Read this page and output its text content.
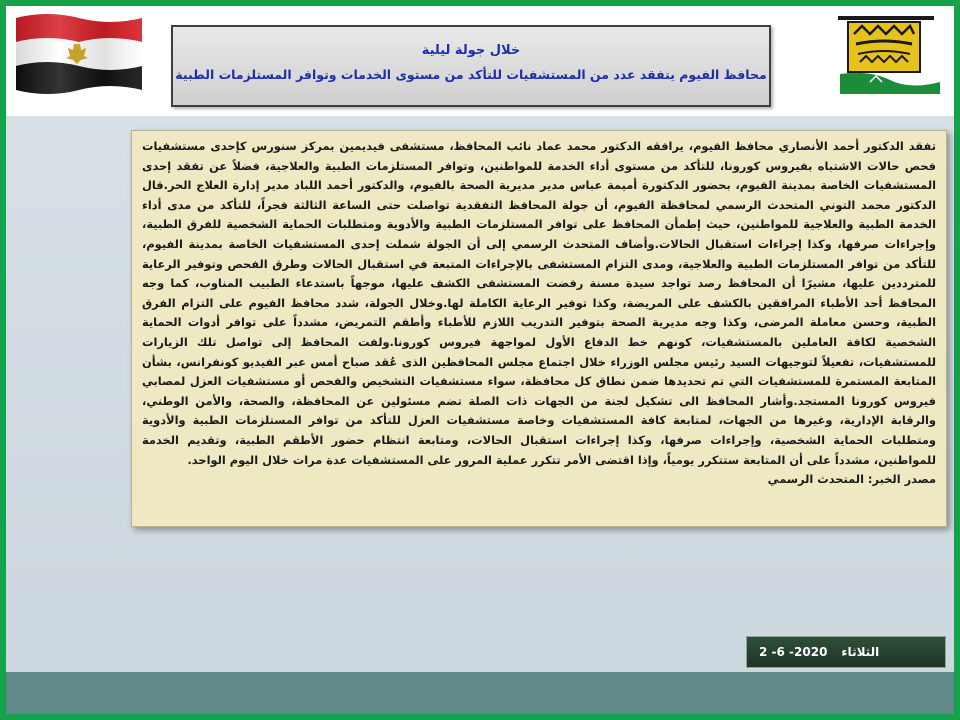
خلال جولة ليلية
محافظ الفيوم يتفقد عدد من المستشفيات للتأكد من مستوى الخدمات وتوافر المستلزمات الطبية

تفقد الدكتور أحمد الأنصاري محافظ الفيوم، يرافقه الدكتور محمد عماد نائب المحافظ، مستشفى فيديمين بمركز سنورس كإحدى مستشفيات فحص حالات الاشتباه بفيروس كورونا، للتأكد من مستوى أداء الخدمة للمواطنين، وتوافر المستلزمات الطبية والعلاجية، فضلاً عن تفقد إحدى المستشفيات الخاصة بمدينة الفيوم، بحضور الدكتورة أميمة عباس مدير مديرية الصحة بالفيوم، والدكتور أحمد اللباد مدير إدارة العلاج الحر.قال الدكتور محمد التوني المتحدث الرسمي لمحافظة الفيوم، أن جولة المحافظ التفقدية تواصلت حتى الساعة الثالثة فجراً، للتأكد من مدى أداء الخدمة الطبية والعلاجية للمواطنين، حيث إطمأن المحافظ على توافر المستلزمات الطبية والأدوية ومتطلبات الحماية الشخصية للفرق الطبية، وإجراءات صرفها، وكذا إجراءات استقبال الحالات.وأضاف المتحدث الرسمي إلى أن الجولة شملت إحدى المستشفيات الخاصة بمدينة الفيوم، للتأكد من توافر المستلزمات الطبية والعلاجية، ومدى التزام المستشفى بالإجراءات المتبعة في استقبال الحالات وطرق الفحص وتوفير الرعاية للمترددين عليها، مشيرًا أن المحافظ رصد تواجد سيدة مسنة رفضت المستشفى الكشف عليها، موجهاً باستدعاء الطبيب المناوب، كما وجه المحافظ أحد الأطباء المرافقين بالكشف على المريضة، وكذا توفير الرعاية الكاملة لها.وخلال الجولة، شدد محافظ الفيوم على التزام الفرق الطبية، وحسن معاملة المرضى، وكذا وجه مديرية الصحة بتوفير التدريب اللازم للأطباء وأطقم التمريض، مشدداً على توافر أدوات الحماية الشخصية لكافة العاملين بالمستشفيات، كونهم خط الدفاع الأول لمواجهة فيروس كورونا.ولفت المحافظ إلى تواصل تلك الزيارات للمستشفيات، تفعيلاً لتوجيهات السيد رئيس مجلس الوزراء خلال اجتماع مجلس المحافظين الذى عُقد صباح أمس عبر الفيديو كونفرانس، بشأن المتابعة المستمرة للمستشفيات التي تم تحديدها ضمن نطاق كل محافظة، سواء مستشفيات التشخيص والفحص أو مستشفيات العزل لمصابي فيروس كورونا المستجد.وأشار المحافظ الى تشكيل لجنة من الجهات ذات الصلة تضم مسئولين عن المحافظة، والصحة، والأمن الوطني، والرقابة الإدارية، وغيرها من الجهات، لمتابعة كافة المستشفيات وخاصة مستشفيات العزل للتأكد من توافر المستلزمات الطبية والأدوية ومتطلبات الحماية الشخصية، وإجراءات صرفها، وكذا إجراءات استقبال الحالات، ومتابعة انتظام حضور الأطقم الطبية، وتقديم الخدمة للمواطنين، مشدداً على أن المتابعة ستتكرر يومياً، وإذا اقتضى الأمر تتكرر عملية المرور على المستشفيات عدة مرات خلال اليوم الواحد.

مصدر الخبر: المتحدث الرسمي

الثلاثاء
2 -6 -2020
